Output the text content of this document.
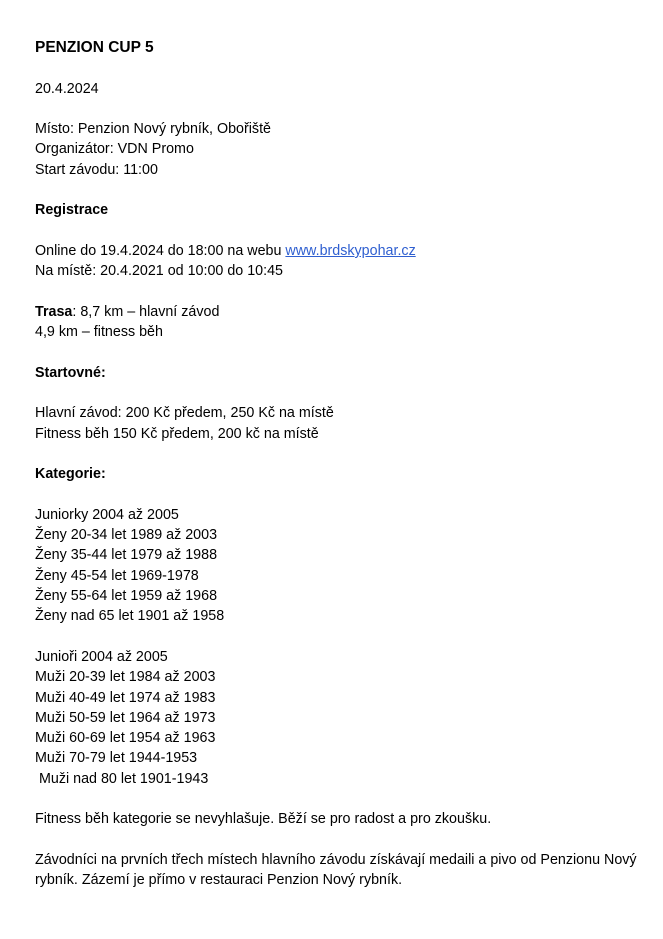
PENZION CUP 5
20.4.2024
Místo: Penzion Nový rybník, Obořiště
Organizátor: VDN Promo
Start závodu: 11:00
Registrace
Online do 19.4.2024 do 18:00 na webu www.brdskypohar.cz
Na místě: 20.4.2021 od 10:00 do 10:45
Trasa: 8,7 km – hlavní závod
4,9 km – fitness běh
Startovné:
Hlavní závod: 200 Kč předem, 250 Kč na místě
Fitness běh 150 Kč předem, 200 kč na místě
Kategorie:
Juniorky 2004 až 2005
Ženy 20-34 let 1989 až 2003
Ženy 35-44 let 1979 až 1988
Ženy 45-54 let 1969-1978
Ženy 55-64 let 1959 až 1968
Ženy nad 65 let 1901 až 1958
Junioři 2004 až 2005
Muži 20-39 let 1984 až 2003
Muži 40-49 let 1974 až 1983
Muži 50-59 let 1964 až 1973
Muži 60-69 let 1954 až 1963
Muži 70-79 let 1944-1953
Muži nad 80 let 1901-1943
Fitness běh kategorie se nevyhlašuje. Běží se pro radost a pro zkoušku.
Závodníci na prvních třech místech hlavního závodu získávají medaili a pivo od Penzionu Nový rybník. Zázemí je přímo v restauraci Penzion Nový rybník.
